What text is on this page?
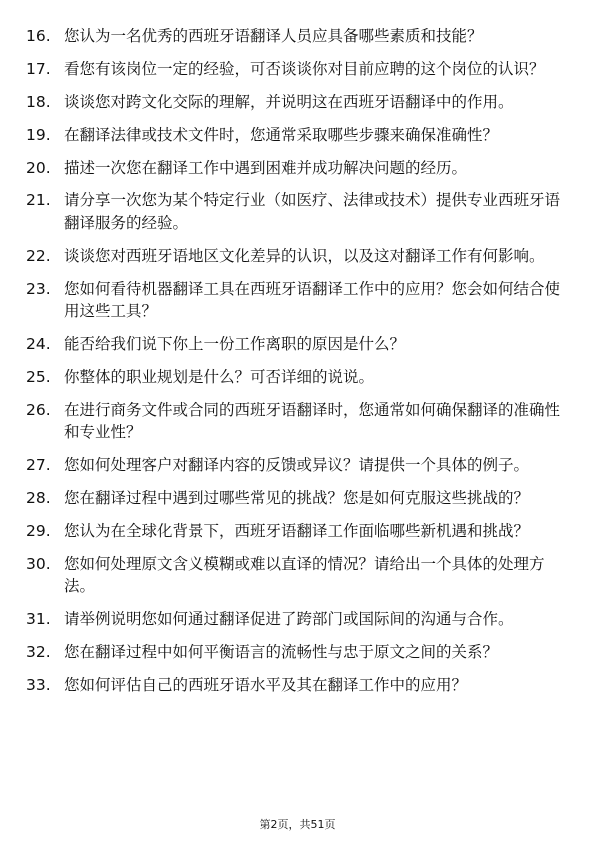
16. 您认为一名优秀的西班牙语翻译人员应具备哪些素质和技能？
17. 看您有该岗位一定的经验，可否谈谈你对目前应聘的这个岗位的认识？
18. 谈谈您对跨文化交际的理解，并说明这在西班牙语翻译中的作用。
19. 在翻译法律或技术文件时，您通常采取哪些步骤来确保准确性？
20. 描述一次您在翻译工作中遇到困难并成功解决问题的经历。
21. 请分享一次您为某个特定行业（如医疗、法律或技术）提供专业西班牙语翻译服务的经验。
22. 谈谈您对西班牙语地区文化差异的认识，以及这对翻译工作有何影响。
23. 您如何看待机器翻译工具在西班牙语翻译工作中的应用？您会如何结合使用这些工具？
24. 能否给我们说下你上一份工作离职的原因是什么？
25. 你整体的职业规划是什么？可否详细的说说。
26. 在进行商务文件或合同的西班牙语翻译时，您通常如何确保翻译的准确性和专业性？
27. 您如何处理客户对翻译内容的反馈或异议？请提供一个具体的例子。
28. 您在翻译过程中遇到过哪些常见的挑战？您是如何克服这些挑战的？
29. 您认为在全球化背景下，西班牙语翻译工作面临哪些新机遇和挑战？
30. 您如何处理原文含义模糊或难以直译的情况？请给出一个具体的处理方法。
31. 请举例说明您如何通过翻译促进了跨部门或国际间的沟通与合作。
32. 您在翻译过程中如何平衡语言的流畅性与忠于原文之间的关系？
33. 您如何评估自己的西班牙语水平及其在翻译工作中的应用？
第2页，共51页
